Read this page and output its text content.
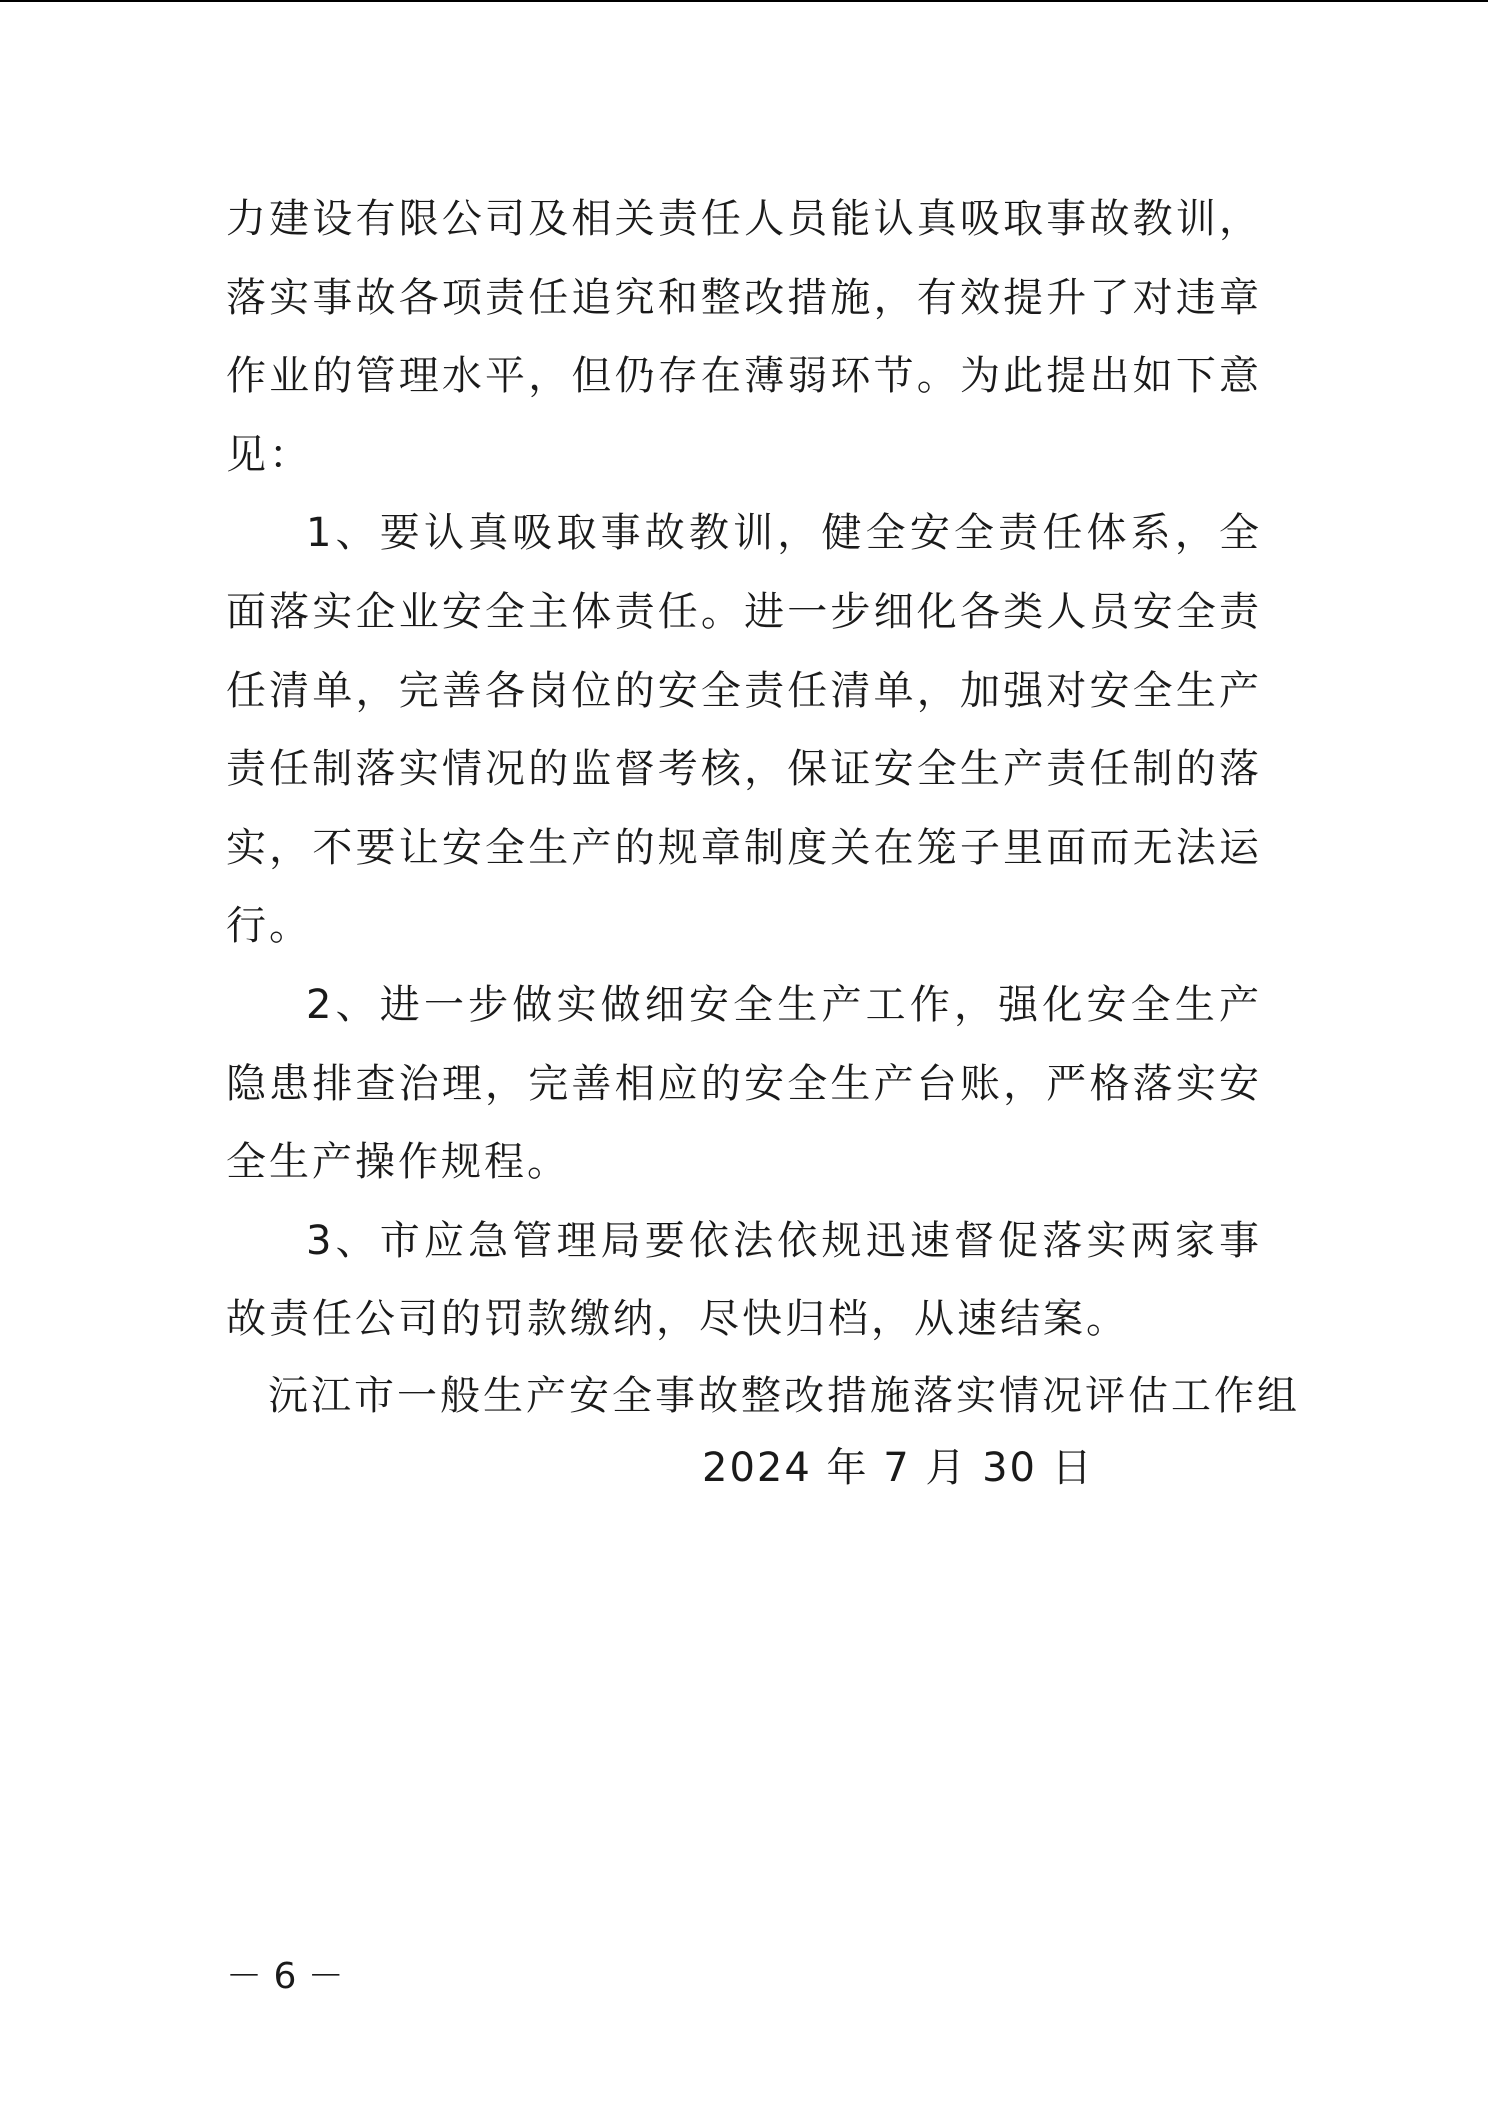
力建设有限公司及相关责任人员能认真吸取事故教训，落实事故各项责任追究和整改措施，有效提升了对违章作业的管理水平，但仍存在薄弱环节。为此提出如下意见：

1、要认真吸取事故教训，健全安全责任体系，全面落实企业安全主体责任。进一步细化各类人员安全责任清单，完善各岗位的安全责任清单，加强对安全生产责任制落实情况的监督考核，保证安全生产责任制的落实，不要让安全生产的规章制度关在笼子里面而无法运行。

2、进一步做实做细安全生产工作，强化安全生产隐患排查治理，完善相应的安全生产台账，严格落实安全生产操作规程。

3、市应急管理局要依法依规迅速督促落实两家事故责任公司的罚款缴纳，尽快归档，从速结案。

沅江市一般生产安全事故整改措施落实情况评估工作组
2024 年 7 月 30 日
－ 6 －
